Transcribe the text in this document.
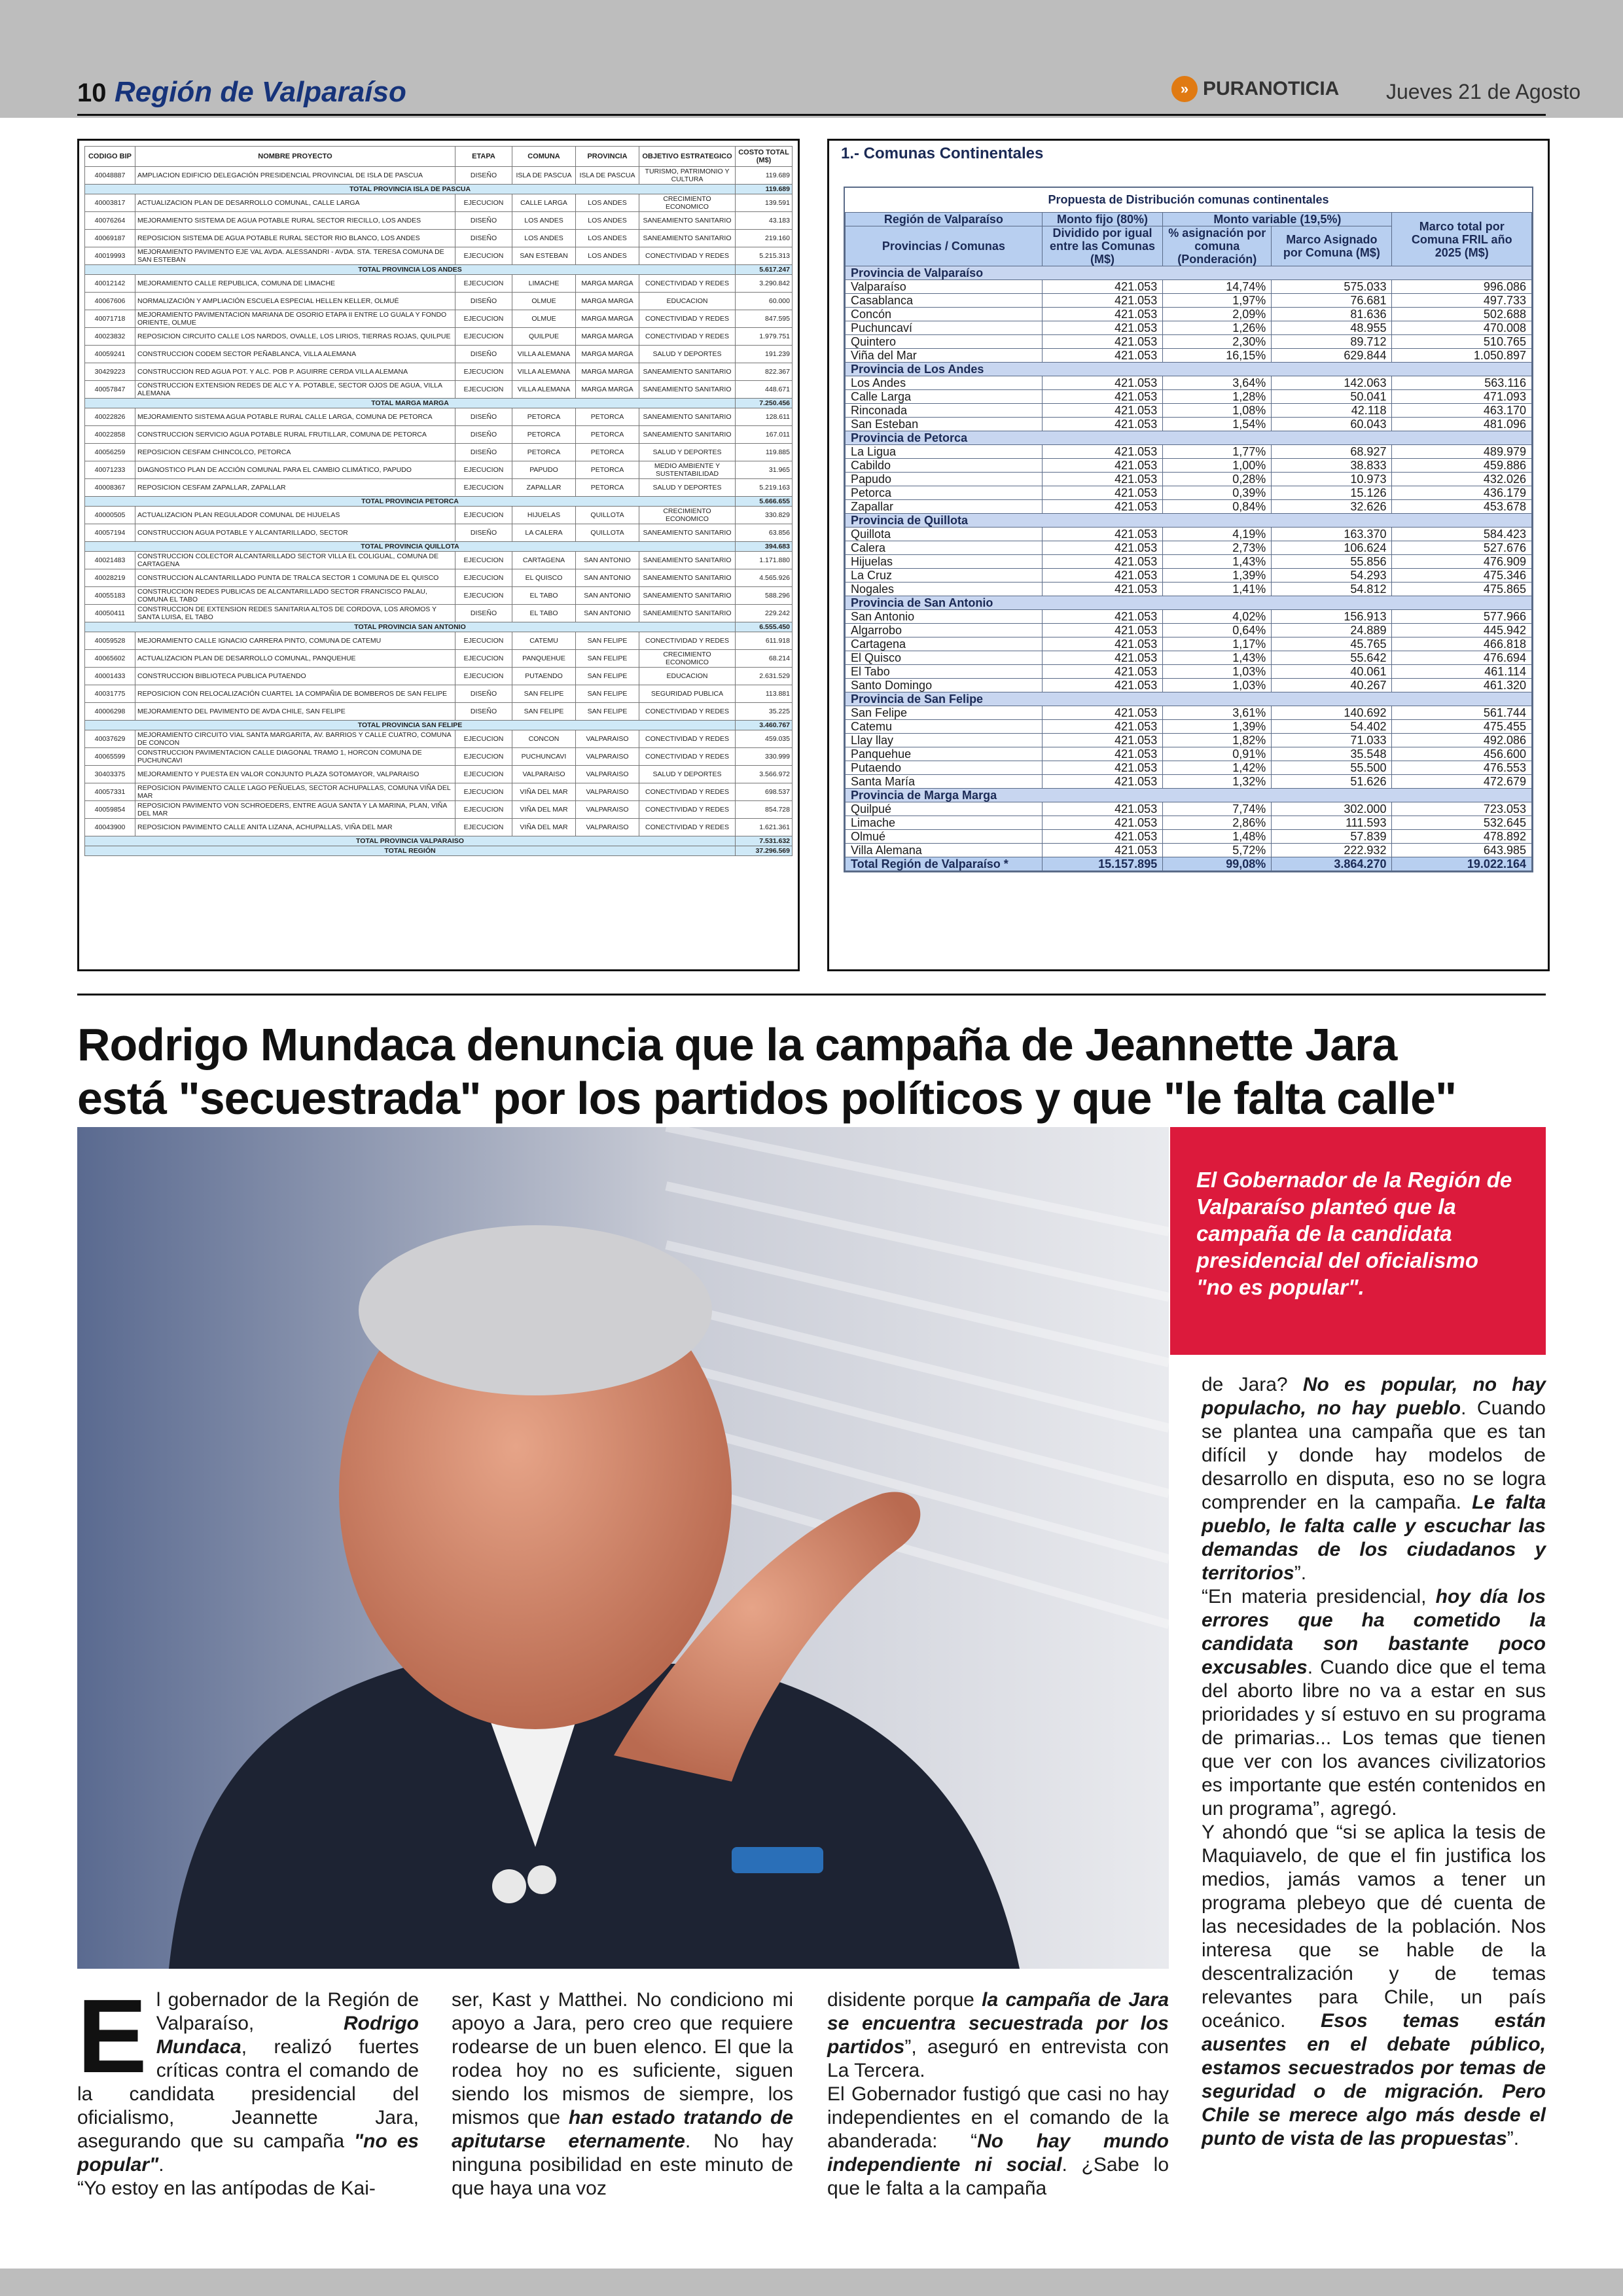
10 Región de Valparaíso	» PURANOTICIA Jueves 21 de Agosto
CODIGO BIP	NOMBRE PROYECTO	ETAPA	COMUNA	PROVINCIA	OBJETIVO ESTRATEGICO	COSTO TOTAL (M$)
40048887	AMPLIACION EDIFICIO DELEGACIÓN PRESIDENCIAL PROVINCIAL DE ISLA DE PASCUA	DISEÑO	ISLA DE PASCUA	ISLA DE PASCUA	TURISMO, PATRIMONIO Y CULTURA	119.689
TOTAL PROVINCIA ISLA DE PASCUA						119.689
40003817	ACTUALIZACION PLAN DE DESARROLLO COMUNAL, CALLE LARGA	EJECUCION	CALLE LARGA	LOS ANDES	CRECIMIENTO ECONOMICO	139.591
40076264	MEJORAMIENTO SISTEMA DE AGUA POTABLE RURAL SECTOR RIECILLO, LOS ANDES	DISEÑO	LOS ANDES	LOS ANDES	SANEAMIENTO SANITARIO	43.183
40069187	REPOSICION SISTEMA DE AGUA POTABLE RURAL SECTOR RIO BLANCO, LOS ANDES	DISEÑO	LOS ANDES	LOS ANDES	SANEAMIENTO SANITARIO	219.160
40019993	MEJORAMIENTO PAVIMENTO EJE VAL AVDA. ALESSANDRI - AVDA. STA. TERESA COMUNA DE SAN ESTEBAN	EJECUCION	SAN ESTEBAN	LOS ANDES	CONECTIVIDAD Y REDES	5.215.313
TOTAL PROVINCIA LOS ANDES						5.617.247
40012142	MEJORAMIENTO CALLE REPUBLICA, COMUNA DE LIMACHE	EJECUCION	LIMACHE	MARGA MARGA	CONECTIVIDAD Y REDES	3.290.842
40067606	NORMALIZACIÓN Y AMPLIACIÓN ESCUELA ESPECIAL HELLEN KELLER, OLMUÉ	DISEÑO	OLMUE	MARGA MARGA	EDUCACION	60.000
40071718	MEJORAMIENTO PAVIMENTACION MARIANA DE OSORIO ETAPA II ENTRE LO GUALA Y FONDO ORIENTE, OLMUE	EJECUCION	OLMUE	MARGA MARGA	CONECTIVIDAD Y REDES	847.595
40023832	REPOSICION CIRCUITO CALLE LOS NARDOS, OVALLE, LOS LIRIOS, TIERRAS ROJAS, QUILPUE	EJECUCION	QUILPUE	MARGA MARGA	CONECTIVIDAD Y REDES	1.979.751
40059241	CONSTRUCCION CODEM SECTOR PEÑABLANCA, VILLA ALEMANA	DISEÑO	VILLA ALEMANA	MARGA MARGA	SALUD Y DEPORTES	191.239
30429223	CONSTRUCCION RED AGUA POT. Y ALC. POB P. AGUIRRE CERDA VILLA ALEMANA	EJECUCION	VILLA ALEMANA	MARGA MARGA	SANEAMIENTO SANITARIO	822.367
40057847	CONSTRUCCION EXTENSION REDES DE ALC Y A. POTABLE, SECTOR OJOS DE AGUA, VILLA ALEMANA	EJECUCION	VILLA ALEMANA	MARGA MARGA	SANEAMIENTO SANITARIO	448.671
TOTAL MARGA MARGA						7.250.456
40022826	MEJORAMIENTO SISTEMA AGUA POTABLE RURAL CALLE LARGA, COMUNA DE PETORCA	DISEÑO	PETORCA	PETORCA	SANEAMIENTO SANITARIO	128.611
40022858	CONSTRUCCION SERVICIO AGUA POTABLE RURAL FRUTILLAR, COMUNA DE PETORCA	DISEÑO	PETORCA	PETORCA	SANEAMIENTO SANITARIO	167.011
40056259	REPOSICION CESFAM CHINCOLCO, PETORCA	DISEÑO	PETORCA	PETORCA	SALUD Y DEPORTES	119.885
40071233	DIAGNOSTICO PLAN DE ACCIÓN COMUNAL PARA EL CAMBIO CLIMÁTICO, PAPUDO	EJECUCION	PAPUDO	PETORCA	MEDIO AMBIENTE Y SUSTENTABILIDAD	31.965
40008367	REPOSICION CESFAM ZAPALLAR, ZAPALLAR	EJECUCION	ZAPALLAR	PETORCA	SALUD Y DEPORTES	5.219.163
TOTAL PROVINCIA PETORCA						5.666.655
40000505	ACTUALIZACION PLAN REGULADOR COMUNAL DE HIJUELAS	EJECUCION	HIJUELAS	QUILLOTA	CRECIMIENTO ECONOMICO	330.829
40057194	CONSTRUCCION AGUA POTABLE Y ALCANTARILLADO, SECTOR	DISEÑO	LA CALERA	QUILLOTA	SANEAMIENTO SANITARIO	63.856
TOTAL PROVINCIA QUILLOTA						394.683
40021483	CONSTRUCCION COLECTOR ALCANTARILLADO SECTOR VILLA EL COLIGUAL, COMUNA DE CARTAGENA	EJECUCION	CARTAGENA	SAN ANTONIO	SANEAMIENTO SANITARIO	1.171.880
40028219	CONSTRUCCION ALCANTARILLADO PUNTA DE TRALCA SECTOR 1 COMUNA DE EL QUISCO	EJECUCION	EL QUISCO	SAN ANTONIO	SANEAMIENTO SANITARIO	4.565.926
40055183	CONSTRUCCION REDES PUBLICAS DE ALCANTARILLADO SECTOR FRANCISCO PALAU, COMUNA EL TABO	EJECUCION	EL TABO	SAN ANTONIO	SANEAMIENTO SANITARIO	588.296
40050411	CONSTRUCCION DE EXTENSION REDES SANITARIA ALTOS DE CORDOVA, LOS AROMOS Y SANTA LUISA, EL TABO	DISEÑO	EL TABO	SAN ANTONIO	SANEAMIENTO SANITARIO	229.242
TOTAL PROVINCIA SAN ANTONIO						6.555.450
40059528	MEJORAMIENTO CALLE IGNACIO CARRERA PINTO, COMUNA DE CATEMU	EJECUCION	CATEMU	SAN FELIPE	CONECTIVIDAD Y REDES	611.918
40065602	ACTUALIZACION PLAN DE DESARROLLO COMUNAL, PANQUEHUE	EJECUCION	PANQUEHUE	SAN FELIPE	CRECIMIENTO ECONOMICO	68.214
40001433	CONSTRUCCION BIBLIOTECA PUBLICA PUTAENDO	EJECUCION	PUTAENDO	SAN FELIPE	EDUCACION	2.631.529
40031775	REPOSICION CON RELOCALIZACIÓN CUARTEL 1A COMPAÑIA DE BOMBEROS DE SAN FELIPE	DISEÑO	SAN FELIPE	SAN FELIPE	SEGURIDAD PUBLICA	113.881
40006298	MEJORAMIENTO DEL PAVIMENTO DE AVDA CHILE, SAN FELIPE	DISEÑO	SAN FELIPE	SAN FELIPE	CONECTIVIDAD Y REDES	35.225
TOTAL PROVINCIA SAN FELIPE						3.460.767
40037629	MEJORAMIENTO CIRCUITO VIAL SANTA MARGARITA, AV. BARRIOS Y CALLE CUATRO, COMUNA DE CONCON	EJECUCION	CONCON	VALPARAISO	CONECTIVIDAD Y REDES	459.035
40065599	CONSTRUCCION PAVIMENTACION CALLE DIAGONAL TRAMO 1, HORCON COMUNA DE PUCHUNCAVI	EJECUCION	PUCHUNCAVI	VALPARAISO	CONECTIVIDAD Y REDES	330.999
30403375	MEJORAMIENTO Y PUESTA EN VALOR CONJUNTO PLAZA SOTOMAYOR, VALPARAISO	EJECUCION	VALPARAISO	VALPARAISO	SALUD Y DEPORTES	3.566.972
40057331	REPOSICION PAVIMENTO CALLE LAGO PEÑUELAS, SECTOR ACHUPALLAS, COMUNA VIÑA DEL MAR	EJECUCION	VIÑA DEL MAR	VALPARAISO	CONECTIVIDAD Y REDES	698.537
40059854	REPOSICION PAVIMENTO VON SCHROEDERS, ENTRE AGUA SANTA Y LA MARINA, PLAN, VIÑA DEL MAR	EJECUCION	VIÑA DEL MAR	VALPARAISO	CONECTIVIDAD Y REDES	854.728
40043900	REPOSICION PAVIMENTO CALLE ANITA LIZANA, ACHUPALLAS, VIÑA DEL MAR	EJECUCION	VIÑA DEL MAR	VALPARAISO	CONECTIVIDAD Y REDES	1.621.361
TOTAL PROVINCIA VALPARAISO						7.531.632
TOTAL REGIÓN						37.296.569
1.- Comunas Continentales
Propuesta de Distribución comunas continentales
Región de Valparaíso	Monto fijo (80%)	Monto variable (19,5%)		Marco total por Comuna FRIL año 2025 (M$)
Provincias / Comunas	Dividido por igual entre las Comunas (M$)	% asignación por comuna (Ponderación)	Marco Asignado por Comuna (M$)	
Provincia de Valparaíso				
Valparaíso	421.053	14,74%	575.033	996.086
Casablanca	421.053	1,97%	76.681	497.733
Concón	421.053	2,09%	81.636	502.688
Puchuncaví	421.053	1,26%	48.955	470.008
Quintero	421.053	2,30%	89.712	510.765
Viña del Mar	421.053	16,15%	629.844	1.050.897
Provincia de Los Andes				
Los Andes	421.053	3,64%	142.063	563.116
Calle Larga	421.053	1,28%	50.041	471.093
Rinconada	421.053	1,08%	42.118	463.170
San Esteban	421.053	1,54%	60.043	481.096
Provincia de Petorca				
La Ligua	421.053	1,77%	68.927	489.979
Cabildo	421.053	1,00%	38.833	459.886
Papudo	421.053	0,28%	10.973	432.026
Petorca	421.053	0,39%	15.126	436.179
Zapallar	421.053	0,84%	32.626	453.678
Provincia de Quillota				
Quillota	421.053	4,19%	163.370	584.423
Calera	421.053	2,73%	106.624	527.676
Hijuelas	421.053	1,43%	55.856	476.909
La Cruz	421.053	1,39%	54.293	475.346
Nogales	421.053	1,41%	54.812	475.865
Provincia de San Antonio				
San Antonio	421.053	4,02%	156.913	577.966
Algarrobo	421.053	0,64%	24.889	445.942
Cartagena	421.053	1,17%	45.765	466.818
El Quisco	421.053	1,43%	55.642	476.694
El Tabo	421.053	1,03%	40.061	461.114
Santo Domingo	421.053	1,03%	40.267	461.320
Provincia de San Felipe				
San Felipe	421.053	3,61%	140.692	561.744
Catemu	421.053	1,39%	54.402	475.455
Llay llay	421.053	1,82%	71.033	492.086
Panquehue	421.053	0,91%	35.548	456.600
Putaendo	421.053	1,42%	55.500	476.553
Santa María	421.053	1,32%	51.626	472.679
Provincia de Marga Marga				
Quilpué	421.053	7,74%	302.000	723.053
Limache	421.053	2,86%	111.593	532.645
Olmué	421.053	1,48%	57.839	478.892
Villa Alemana	421.053	5,72%	222.932	643.985
Total Región de Valparaíso *	15.157.895	99,08%	3.864.270	19.022.164
Rodrigo Mundaca denuncia que la campaña de Jeannette Jara
está "secuestrada" por los partidos políticos y que "le falta calle"

El Gobernador de la Región de Valparaíso planteó que la campaña de la candidata presidencial del oficialismo "no es popular".

E l gobernador de la Región de Valparaíso, Rodrigo Mundaca, realizó fuertes críticas contra el comando de la candidata presidencial del oficialismo, Jeannette Jara, asegurando que su campaña "no es popular".
“Yo estoy en las antípodas de Kai-

ser, Kast y Matthei. No condiciono mi apoyo a Jara, pero creo que requiere rodearse de un buen elenco. El que la rodea hoy no es suficiente, siguen siendo los mismos de siempre, los mismos que han estado tratando de apitutarse eternamente. No hay ninguna posibilidad en este minuto de que haya una voz

disidente porque la campaña de Jara se encuentra secuestrada por los partidos”, aseguró en entrevista con La Tercera.
El Gobernador fustigó que casi no hay independientes en el comando de la abanderada: “No hay mundo independiente ni social. ¿Sabe lo que le falta a la campaña

de Jara? No es popular, no hay populacho, no hay pueblo. Cuando se plantea una campaña que es tan difícil y donde hay modelos de desarrollo en disputa, eso no se logra comprender en la campaña. Le falta pueblo, le falta calle y escuchar las demandas de los ciudadanos y territorios”.
“En materia presidencial, hoy día los errores que ha cometido la candidata son bastante poco excusables. Cuando dice que el tema del aborto libre no va a estar en sus prioridades y sí estuvo en su programa de primarias... Los temas que tienen que ver con los avances civilizatorios es importante que estén contenidos en un programa”, agregó.
Y ahondó que “si se aplica la tesis de Maquiavelo, de que el fin justifica los medios, jamás vamos a tener un programa plebeyo que dé cuenta de las necesidades de la población. Nos interesa que se hable de la descentralización y de temas relevantes para Chile, un país oceánico. Esos temas están ausentes en el debate público, estamos secuestrados por temas de seguridad o de migración. Pero Chile se merece algo más desde el punto de vista de las propuestas”.
